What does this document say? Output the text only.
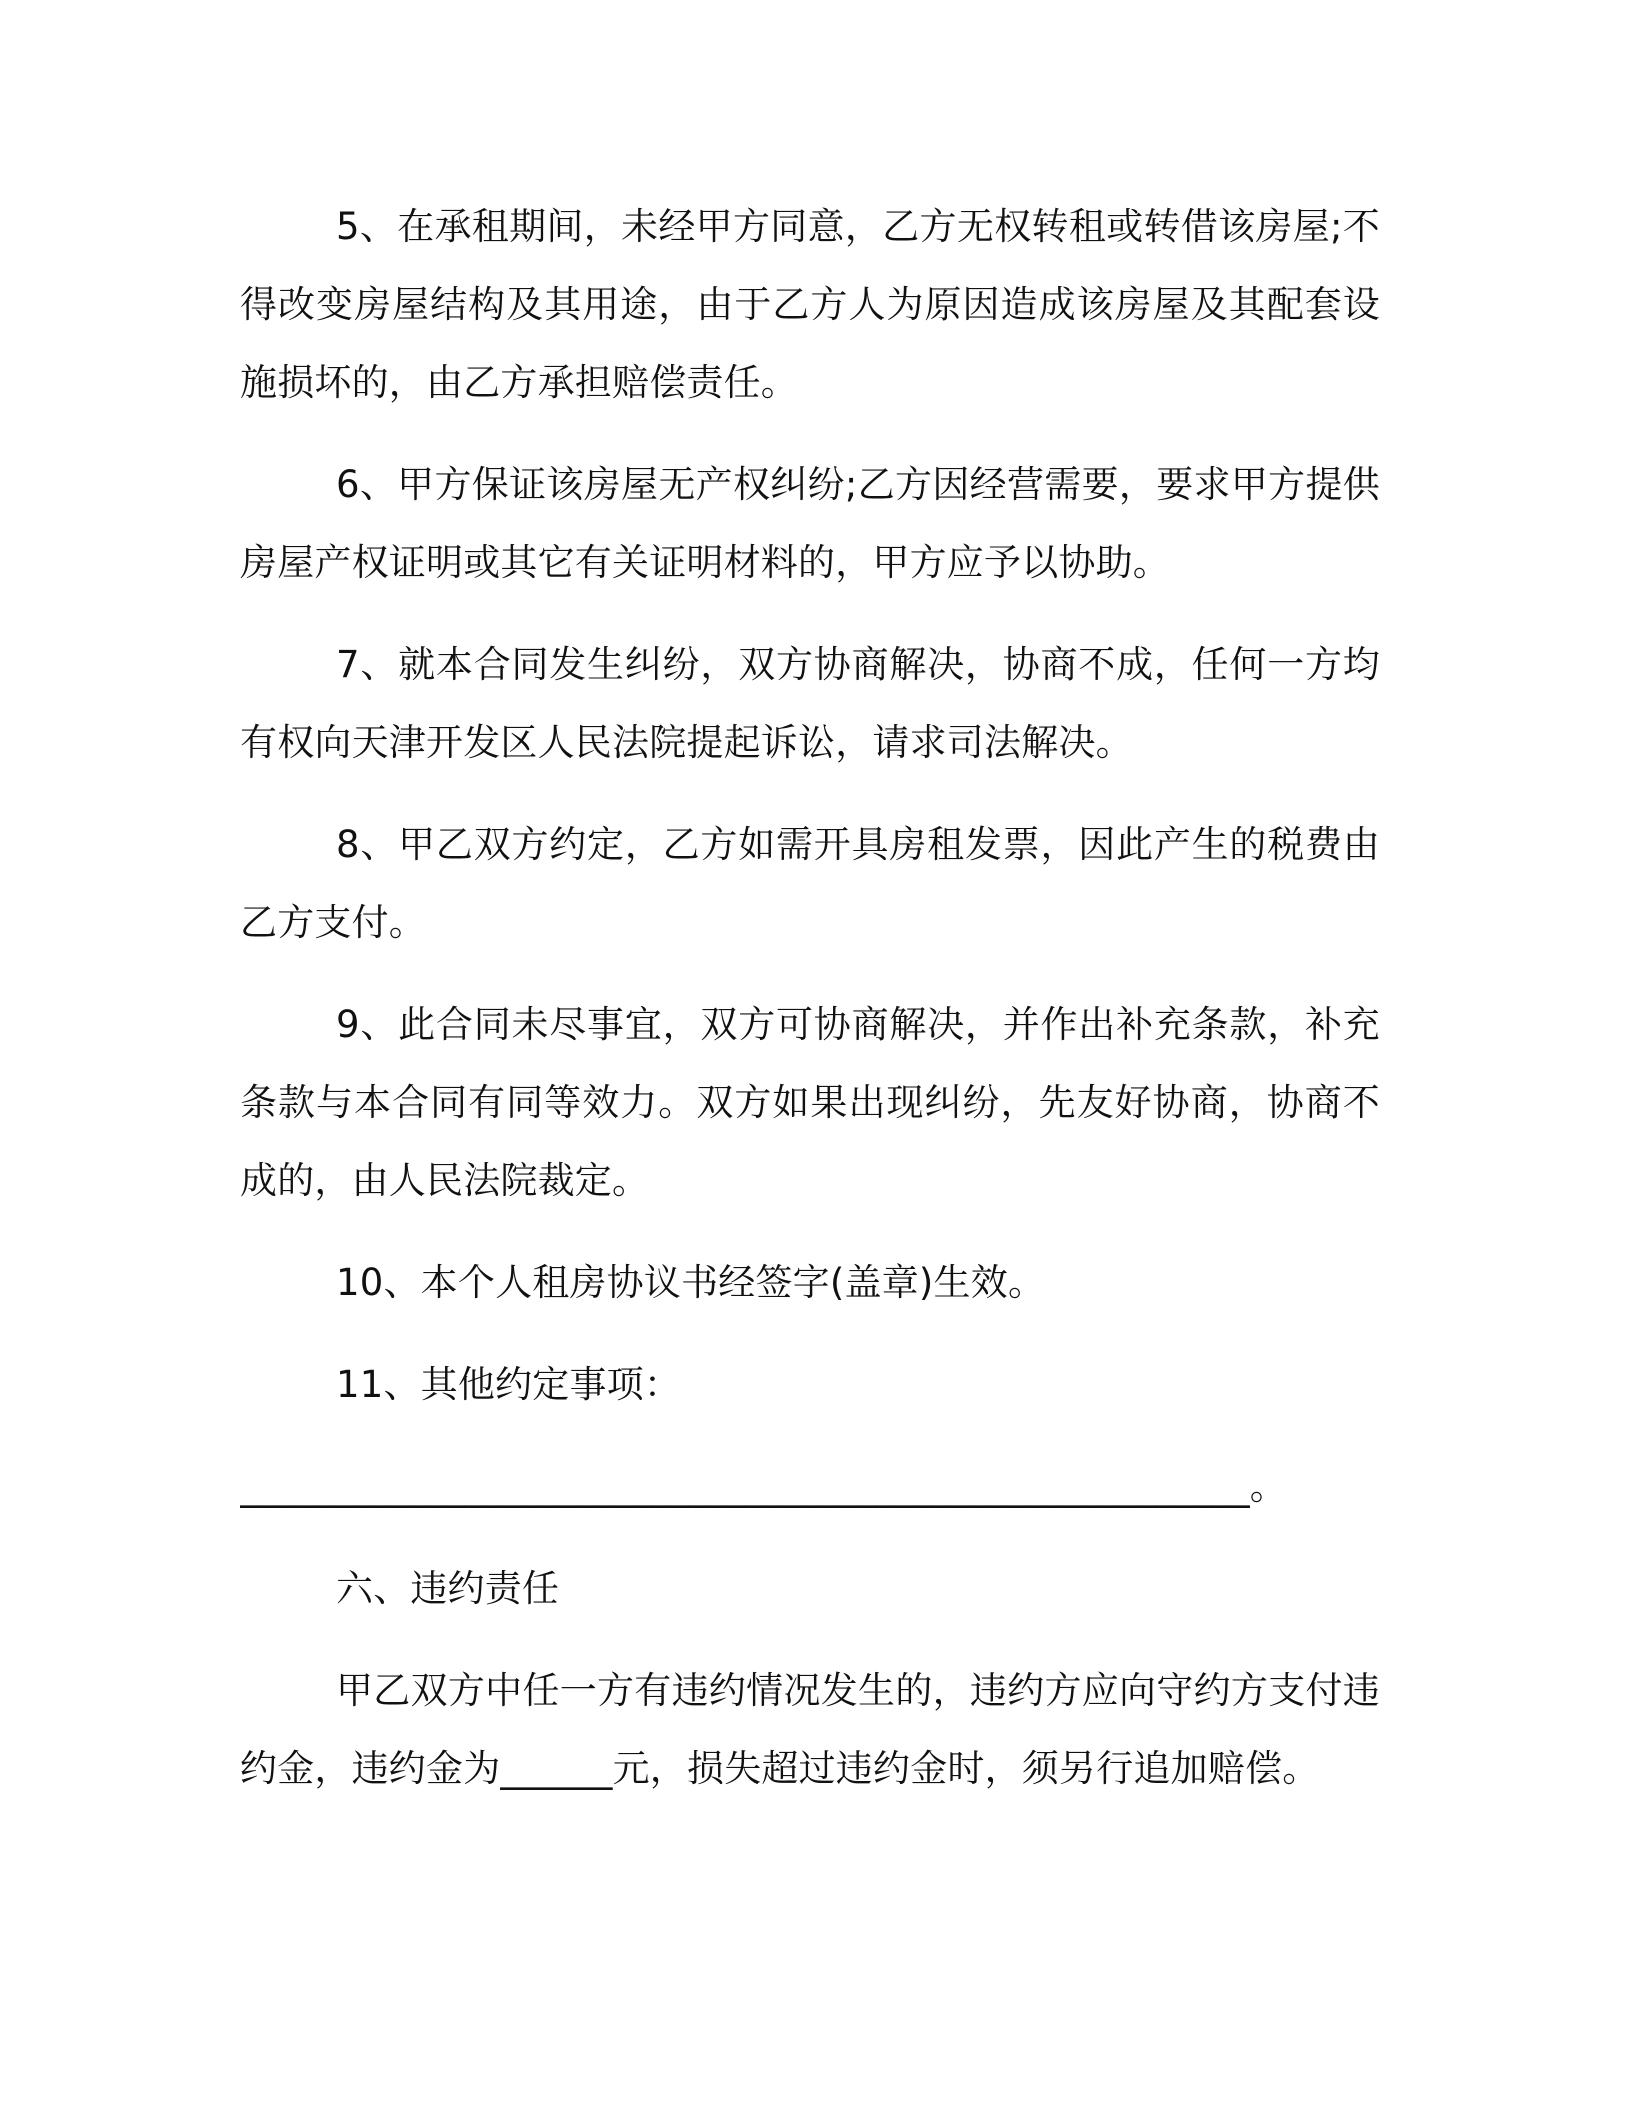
5、在承租期间，未经甲方同意，乙方无权转租或转借该房屋;不得改变房屋结构及其用途，由于乙方人为原因造成该房屋及其配套设施损坏的，由乙方承担赔偿责任。

6、甲方保证该房屋无产权纠纷;乙方因经营需要，要求甲方提供房屋产权证明或其它有关证明材料的，甲方应予以协助。

7、就本合同发生纠纷，双方协商解决，协商不成，任何一方均有权向天津开发区人民法院提起诉讼，请求司法解决。

8、甲乙双方约定，乙方如需开具房租发票，因此产生的税费由乙方支付。

9、此合同未尽事宜，双方可协商解决，并作出补充条款，补充条款与本合同有同等效力。双方如果出现纠纷，先友好协商，协商不成的，由人民法院裁定。

10、本个人租房协议书经签字(盖章)生效。

11、其他约定事项：

______________________________________________________。

六、违约责任

甲乙双方中任一方有违约情况发生的，违约方应向守约方支付违约金，违约金为______元，损失超过违约金时，须另行追加赔偿。
